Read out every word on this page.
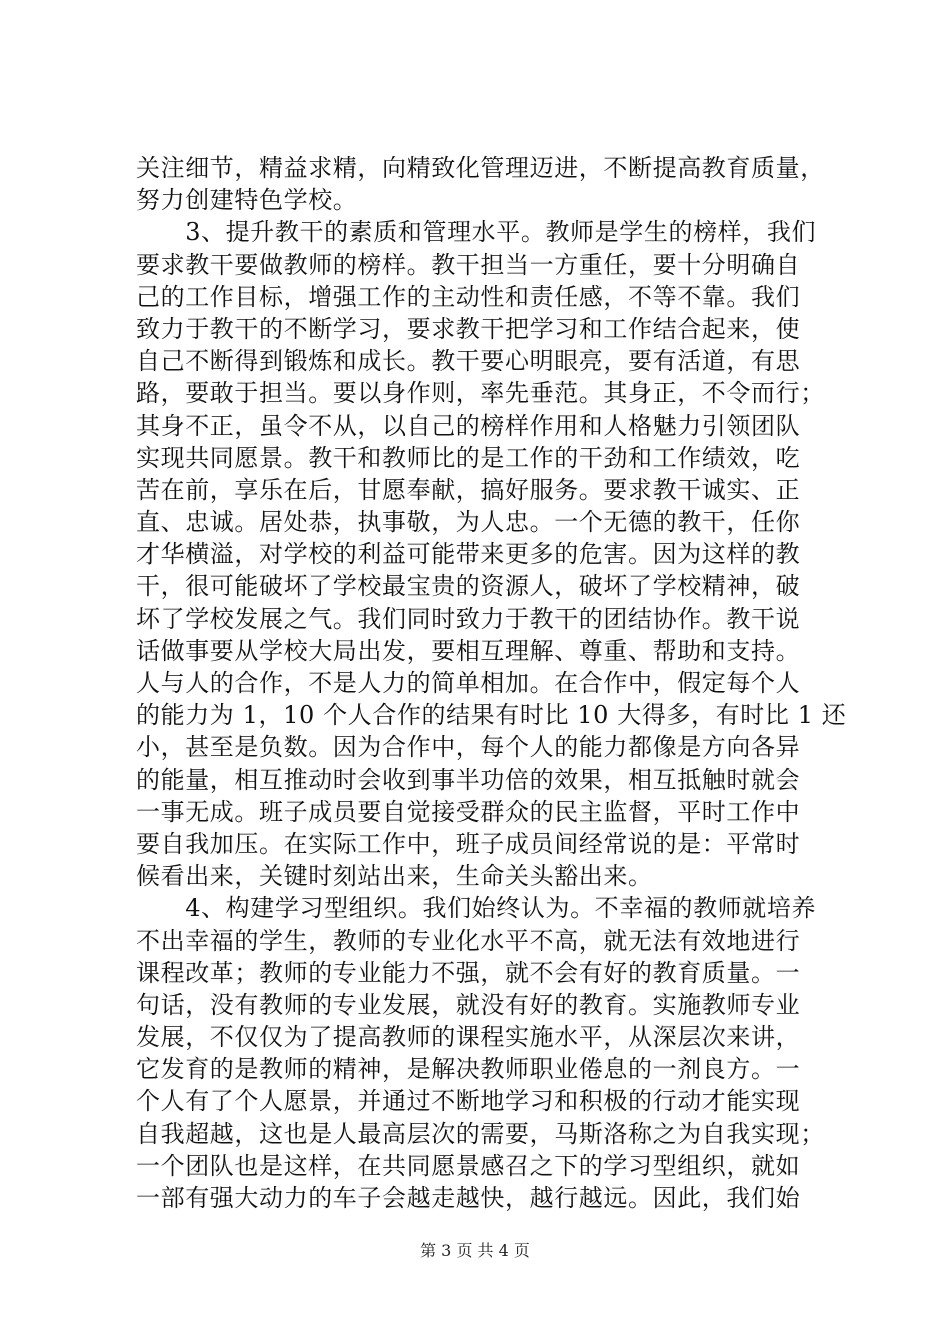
关注细节，精益求精，向精致化管理迈进，不断提高教育质量，
努力创建特色学校。
　　3、提升教干的素质和管理水平。教师是学生的榜样，我们
要求教干要做教师的榜样。教干担当一方重任，要十分明确自
己的工作目标，增强工作的主动性和责任感，不等不靠。我们
致力于教干的不断学习，要求教干把学习和工作结合起来，使
自己不断得到锻炼和成长。教干要心明眼亮，要有活道，有思
路，要敢于担当。要以身作则，率先垂范。其身正，不令而行；
其身不正，虽令不从，以自己的榜样作用和人格魅力引领团队
实现共同愿景。教干和教师比的是工作的干劲和工作绩效，吃
苦在前，享乐在后，甘愿奉献，搞好服务。要求教干诚实、正
直、忠诚。居处恭，执事敬，为人忠。一个无德的教干，任你
才华横溢，对学校的利益可能带来更多的危害。因为这样的教
干，很可能破坏了学校最宝贵的资源人，破坏了学校精神，破
坏了学校发展之气。我们同时致力于教干的团结协作。教干说
话做事要从学校大局出发，要相互理解、尊重、帮助和支持。
人与人的合作，不是人力的简单相加。在合作中，假定每个人
的能力为 1，10 个人合作的结果有时比 10 大得多，有时比 1 还
小，甚至是负数。因为合作中，每个人的能力都像是方向各异
的能量，相互推动时会收到事半功倍的效果，相互抵触时就会
一事无成。班子成员要自觉接受群众的民主监督，平时工作中
要自我加压。在实际工作中，班子成员间经常说的是：平常时
候看出来，关键时刻站出来，生命关头豁出来。
　　4、构建学习型组织。我们始终认为。不幸福的教师就培养
不出幸福的学生，教师的专业化水平不高，就无法有效地进行
课程改革；教师的专业能力不强，就不会有好的教育质量。一
句话，没有教师的专业发展，就没有好的教育。实施教师专业
发展，不仅仅为了提高教师的课程实施水平，从深层次来讲，
它发育的是教师的精神，是解决教师职业倦息的一剂良方。一
个人有了个人愿景，并通过不断地学习和积极的行动才能实现
自我超越，这也是人最高层次的需要，马斯洛称之为自我实现；
一个团队也是这样，在共同愿景感召之下的学习型组织，就如
一部有强大动力的车子会越走越快，越行越远。因此，我们始
第 3 页 共 4 页
